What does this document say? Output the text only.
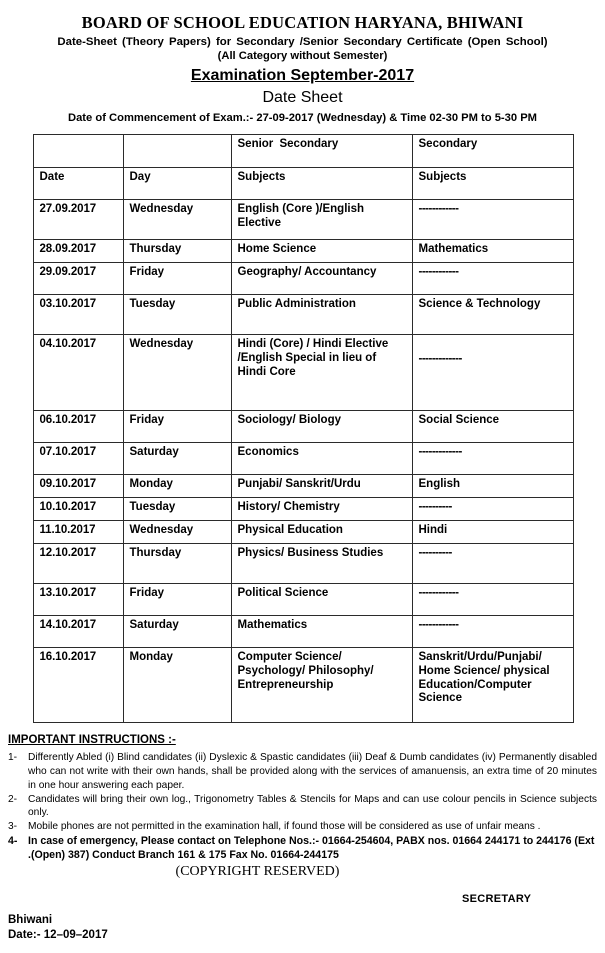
BOARD OF SCHOOL EDUCATION HARYANA, BHIWANI
Date-Sheet (Theory Papers) for Secondary /Senior Secondary Certificate (Open School)
(All Category without Semester)
Examination September-2017
Date Sheet
Date of Commencement of Exam.:- 27-09-2017 (Wednesday) & Time 02-30 PM to 5-30 PM
		Senior Secondary	Secondary
Date	Day	Subjects	Subjects
27.09.2017	Wednesday	English (Core )/English Elective	------------
28.09.2017	Thursday	Home Science	Mathematics
29.09.2017	Friday	Geography/ Accountancy	------------
03.10.2017	Tuesday	Public Administration	Science & Technology
04.10.2017	Wednesday	Hindi (Core) / Hindi Elective /English Special in lieu of Hindi Core	-------------
06.10.2017	Friday	Sociology/ Biology	Social Science
07.10.2017	Saturday	Economics	-------------
09.10.2017	Monday	Punjabi/ Sanskrit/Urdu	English
10.10.2017	Tuesday	History/ Chemistry	----------
11.10.2017	Wednesday	Physical Education	Hindi
12.10.2017	Thursday	Physics/ Business Studies	----------
13.10.2017	Friday	Political Science	------------
14.10.2017	Saturday	Mathematics	------------
16.10.2017	Monday	Computer Science/ Psychology/ Philosophy/ Entrepreneurship	Sanskrit/Urdu/Punjabi/ Home Science/ physical Education/Computer Science
IMPORTANT INSTRUCTIONS :-
1-	Differently Abled (i) Blind candidates (ii) Dyslexic & Spastic candidates (iii) Deaf & Dumb candidates (iv) Permanently disabled who can not write with their own hands, shall be provided along with the services of amanuensis, an extra time of 20 minutes in one hour answering each paper.
2-	Candidates will bring their own log., Trigonometry Tables & Stencils for Maps and can use colour pencils in Science subjects only.
3-	Mobile phones are not permitted in the examination hall, if found those will be considered as use of unfair means .
4- In case of emergency, Please contact on Telephone Nos.:- 01664-254604, PABX nos. 01664 244171 to 244176 (Ext .(Open) 387) Conduct Branch 161 & 175 Fax No. 01664-244175
(COPYRIGHT RESERVED)
SECRETARY
Bhiwani
Date:- 12–09–2017
